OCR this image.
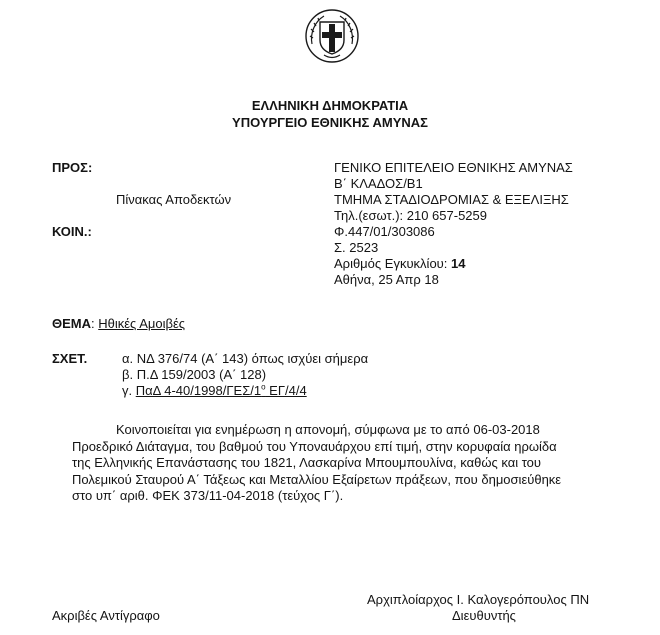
ΕΛΛΗΝΙΚΗ ΔΗΜΟΚΡΑΤΙΑ
ΥΠΟΥΡΓΕΙΟ ΕΘΝΙΚΗΣ ΑΜΥΝΑΣ
ΠΡΟΣ:
Πίνακας Αποδεκτών
ΚΟΙΝ.:
ΓΕΝΙΚΟ ΕΠΙΤΕΛΕΙΟ ΕΘΝΙΚΗΣ ΑΜΥΝΑΣ
Β΄ ΚΛΑΔΟΣ/Β1
ΤΜΗΜΑ ΣΤΑΔΙΟΔΡΟΜΙΑΣ & ΕΞΕΛΙΞΗΣ
Τηλ.(εσωτ.): 210 657-5259
Φ.447/01/303086
Σ. 2523
Αριθμός Εγκυκλίου: 14
Αθήνα, 25 Απρ 18
ΘΕΜΑ: Ηθικές Αμοιβές
ΣΧΕΤ.	α. ΝΔ 376/74 (Α΄ 143) όπως ισχύει σήμερα
β. Π.Δ 159/2003 (Α΄ 128)
γ. ΠαΔ $4-40/1998/\Gamma E\Sigma/1^o$ ΕΓ/4/4
Κοινοποιείται για ενημέρωση η απονομή, σύμφωνα με το από 06-03-2018
Προεδρικό Διάταγμα, του βαθμού του Υποναυάρχου επί τιμή, στην κορυφαία ηρωίδα
της Ελληνικής Επανάστασης του 1821, Λασκαρίνα Μπουμπουλίνα, καθώς και του
Πολεμικού Σταυρού Α΄ Τάξεως και Μεταλλίου Εξαίρετων πράξεων, που δημοσιεύθηκε
στο υπ΄ αριθ. ΦΕΚ 373/11-04-2018 (τεύχος Γ΄).
Αρχιπλοίαρχος Ι. Καλογερόπουλος ΠΝ
Διευθυντής
Ακριβές Αντίγραφο
